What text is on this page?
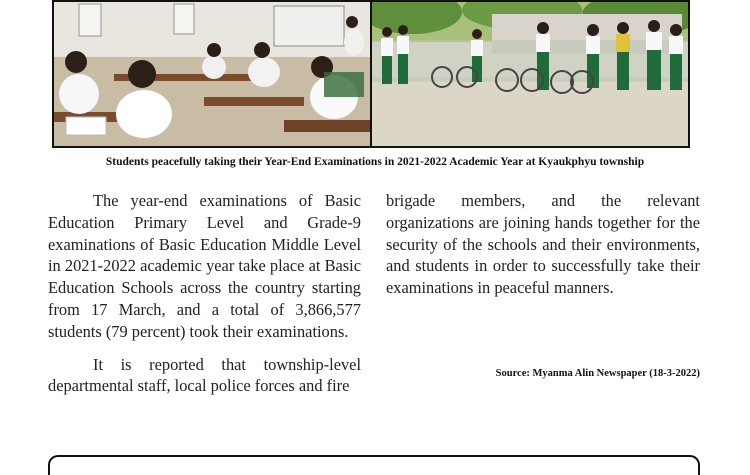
Students peacefully taking their Year-End Examinations in 2021-2022 Academic Year at Kyaukphyu township

The year-end examinations of Basic Education Primary Level and Grade-9 examinations of Basic Education Middle Level in 2021-2022 academic year take place at Basic Education Schools across the country starting from 17 March, and a total of 3,866,577 students (79 percent) took their examinations.

It is reported that township-level departmental staff, local police forces and fire

brigade members, and the relevant organizations are joining hands together for the security of the schools and their environments, and students in order to successfully take their examinations in peaceful manners.

Source: Myanma Alin Newspaper (18-3-2022)
